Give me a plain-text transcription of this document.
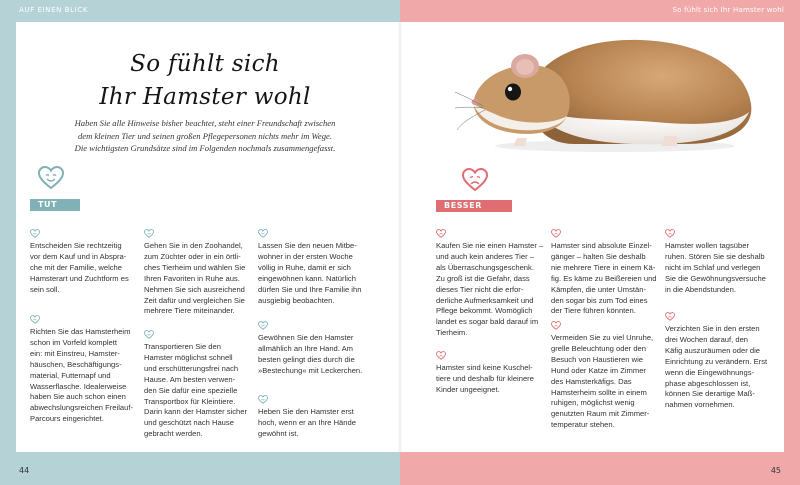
AUF EINEN BLICK	So fühlt sich Ihr Hamster wohl
So fühlt sich
Ihr Hamster wohl
Haben Sie alle Hinweise bisher beachtet, steht einer Freundschaft zwischen
dem kleinen Tier und seinen großen Pflegepersonen nichts mehr im Wege.
Die wichtigsten Grundsätze sind im Folgenden nochmals zusammengefasst.
TUT GUT
BESSER NICHT
Entscheiden Sie rechtzeitig
vor dem Kauf und in Abspra-
che mit der Familie, welche
Hamsterart und Zuchtform es
sein soll.
Richten Sie das Hamsterheim
schon im Vorfeld komplett
ein: mit Einstreu, Hamster-
häuschen, Beschäftigungs-
material, Futternapf und
Wasserflasche. Idealerweise
haben Sie auch schon einen
abwechslungsreichen Freilauf-
Parcours eingerichtet.
Gehen Sie in den Zoohandel,
zum Züchter oder in ein örtli-
ches Tierheim und wählen Sie
Ihren Favoriten in Ruhe aus.
Nehmen Sie sich ausreichend
Zeit dafür und vergleichen Sie
mehrere Tiere miteinander.
Transportieren Sie den
Hamster möglichst schnell
und erschütterungsfrei nach
Hause. Am besten verwen-
den Sie dafür eine spezielle
Transportbox für Kleintiere.
Darin kann der Hamster sicher
und geschützt nach Hause
gebracht werden.
Lassen Sie den neuen Mitbe-
wohner in der ersten Woche
völlig in Ruhe, damit er sich
eingewöhnen kann. Natürlich
dürfen Sie und Ihre Familie ihn
ausgiebig beobachten.
Gewöhnen Sie den Hamster
allmählich an Ihre Hand. Am
besten gelingt dies durch die
»Bestechung« mit Leckerchen.
Heben Sie den Hamster erst
hoch, wenn er an Ihre Hände
gewöhnt ist.
Kaufen Sie nie einen Hamster –
und auch kein anderes Tier –
als Überraschungsgeschenk.
Zu groß ist die Gefahr, dass
dieses Tier nicht die erfor-
derliche Aufmerksamkeit und
Pflege bekommt. Womöglich
landet es sogar bald darauf im
Tierheim.
Hamster sind keine Kuschel-
tiere und deshalb für kleinere
Kinder ungeeignet.
Hamster sind absolute Einzel-
gänger – halten Sie deshalb
nie mehrere Tiere in einem Kä-
fig. Es käme zu Beißereien und
Kämpfen, die unter Umstän-
den sogar bis zum Tod eines
der Tiere führen könnten.
Vermeiden Sie zu viel Unruhe,
grelle Beleuchtung oder den
Besuch von Haustieren wie
Hund oder Katze im Zimmer
des Hamsterkäfigs. Das
Hamsterheim sollte in einem
ruhigen, möglichst wenig
genutzten Raum mit Zimmer-
temperatur stehen.
Hamster wollen tagsüber
ruhen. Stören Sie sie deshalb
nicht im Schlaf und verlegen
Sie die Gewöhnungsversuche
in die Abendstunden.
Verzichten Sie in den ersten
drei Wochen darauf, den
Käfig auszuräumen oder die
Einrichtung zu verändern. Erst
wenn die Eingewöhnungs-
phase abgeschlossen ist,
können Sie derartige Maß-
nahmen vornehmen.
44	45
